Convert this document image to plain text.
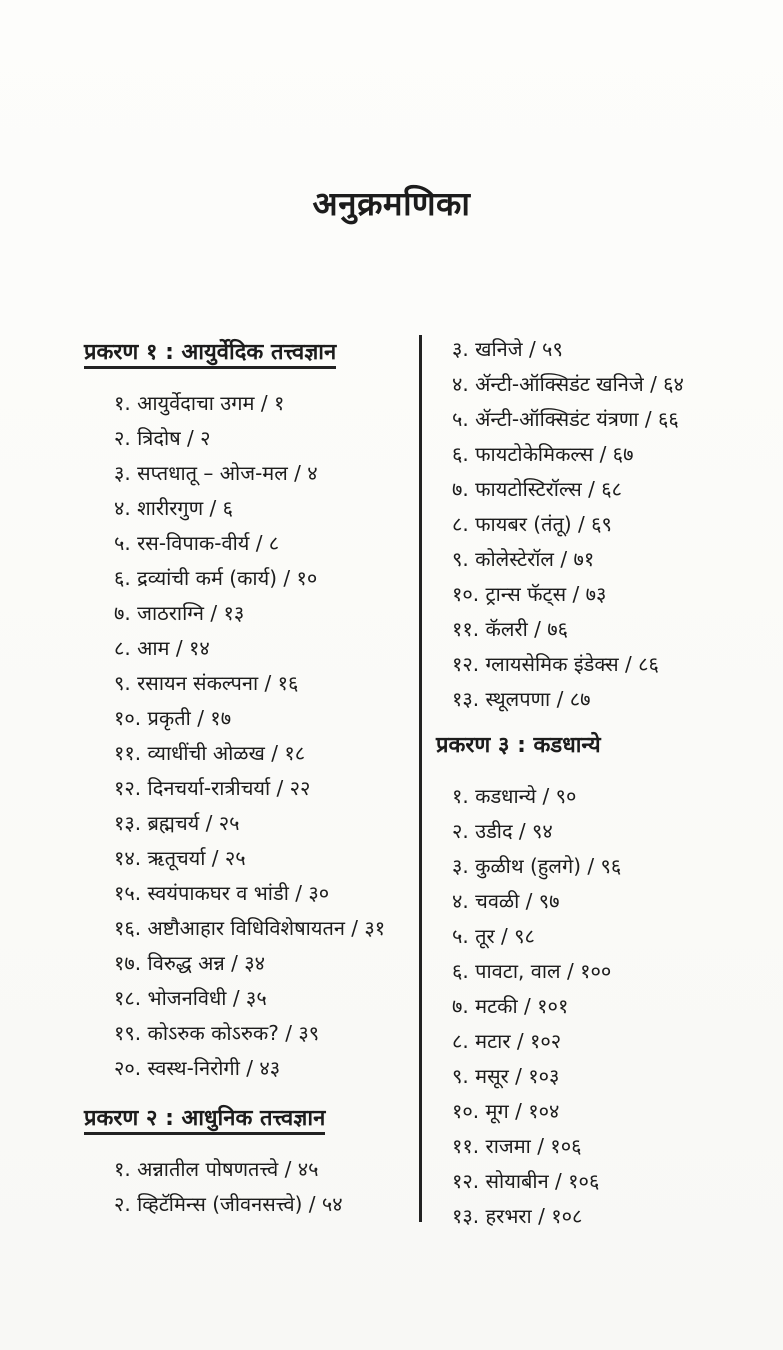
अनुक्रमणिका
प्रकरण १ : आयुर्वेदिक तत्त्वज्ञान
१. आयुर्वेदाचा उगम / १
२. त्रिदोष / २
३. सप्तधातू – ओज-मल / ४
४. शारीरगुण / ६
५. रस-विपाक-वीर्य / ८
६. द्रव्यांची कर्म (कार्य) / १०
७. जाठराग्नि / १३
८. आम / १४
९. रसायन संकल्पना / १६
१०. प्रकृती / १७
११. व्याधींची ओळख / १८
१२. दिनचर्या-रात्रीचर्या / २२
१३. ब्रह्मचर्य / २५
१४. ऋतूचर्या / २५
१५. स्वयंपाकघर व भांडी / ३०
१६. अष्टौआहार विधिविशेषायतन / ३१
१७. विरुद्ध अन्न / ३४
१८. भोजनविधी / ३५
१९. कोऽरुक कोऽरुक? / ३९
२०. स्वस्थ-निरोगी / ४३
प्रकरण २ : आधुनिक तत्त्वज्ञान
१. अन्नातील पोषणतत्त्वे / ४५
२. व्हिटॅमिन्स (जीवनसत्त्वे) / ५४
३. खनिजे / ५९
४. ॲन्टी-ऑक्सिडंट खनिजे / ६४
५. ॲन्टी-ऑक्सिडंट यंत्रणा / ६६
६. फायटोकेमिकल्स / ६७
७. फायटोस्टिरॉल्स / ६८
८. फायबर (तंतू) / ६९
९. कोलेस्टेरॉल / ७१
१०. ट्रान्स फॅट्स / ७३
११. कॅलरी / ७६
१२. ग्लायसेमिक इंडेक्स / ८६
१३. स्थूलपणा / ८७
प्रकरण ३ : कडधान्ये
१. कडधान्ये / ९०
२. उडीद / ९४
३. कुळीथ (हुलगे) / ९६
४. चवळी / ९७
५. तूर / ९८
६. पावटा, वाल / १००
७. मटकी / १०१
८. मटार / १०२
९. मसूर / १०३
१०. मूग / १०४
११. राजमा / १०६
१२. सोयाबीन / १०६
१३. हरभरा / १०८
